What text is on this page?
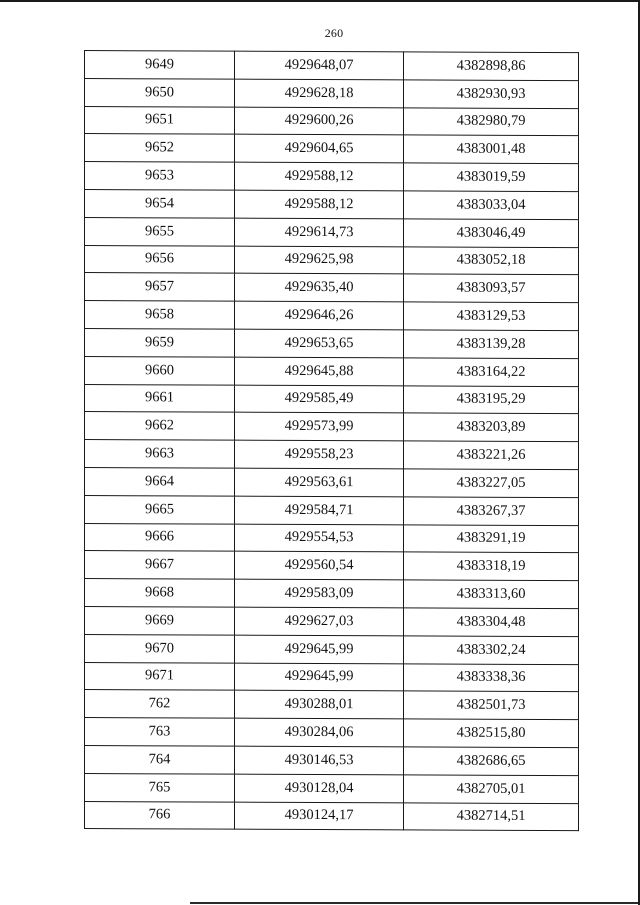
260
9649	4929648,07	4382898,86
9650	4929628,18	4382930,93
9651	4929600,26	4382980,79
9652	4929604,65	4383001,48
9653	4929588,12	4383019,59
9654	4929588,12	4383033,04
9655	4929614,73	4383046,49
9656	4929625,98	4383052,18
9657	4929635,40	4383093,57
9658	4929646,26	4383129,53
9659	4929653,65	4383139,28
9660	4929645,88	4383164,22
9661	4929585,49	4383195,29
9662	4929573,99	4383203,89
9663	4929558,23	4383221,26
9664	4929563,61	4383227,05
9665	4929584,71	4383267,37
9666	4929554,53	4383291,19
9667	4929560,54	4383318,19
9668	4929583,09	4383313,60
9669	4929627,03	4383304,48
9670	4929645,99	4383302,24
9671	4929645,99	4383338,36
762	4930288,01	4382501,73
763	4930284,06	4382515,80
764	4930146,53	4382686,65
765	4930128,04	4382705,01
766	4930124,17	4382714,51
